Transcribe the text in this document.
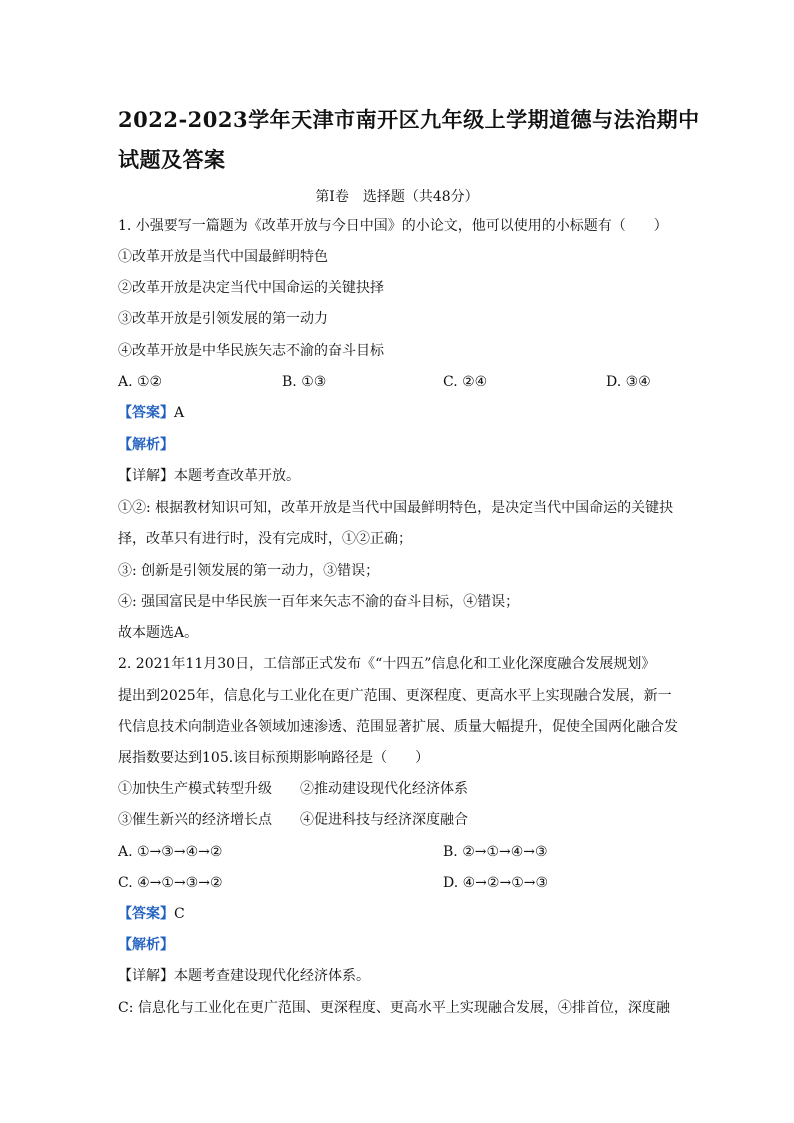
2022-2023学年天津市南开区九年级上学期道德与法治期中
试题及答案
第Ⅰ卷　选择题（共48分）
1. 小强要写一篇题为《改革开放与今日中国》的小论文，他可以使用的小标题有（　　）
①改革开放是当代中国最鲜明特色
②改革开放是决定当代中国命运的关键抉择
③改革开放是引领发展的第一动力
④改革开放是中华民族矢志不渝的奋斗目标
A. ①②	B. ①③	C. ②④	D. ③④
【答案】A
【解析】
【详解】本题考查改革开放。
①②: 根据教材知识可知，改革开放是当代中国最鲜明特色，是决定当代中国命运的关键抉
择，改革只有进行时，没有完成时，①②正确；
③: 创新是引领发展的第一动力，③错误；
④: 强国富民是中华民族一百年来矢志不渝的奋斗目标，④错误；
故本题选A。
2. 2021年11月30日，工信部正式发布《“十四五”信息化和工业化深度融合发展规划》
提出到2025年，信息化与工业化在更广范围、更深程度、更高水平上实现融合发展，新一
代信息技术向制造业各领域加速渗透、范围显著扩展、质量大幅提升，促使全国两化融合发
展指数要达到105.该目标预期影响路径是（　　）
①加快生产模式转型升级　　②推动建设现代化经济体系
③催生新兴的经济增长点　　④促进科技与经济深度融合
A. ①→③→④→②	B. ②→①→④→③
C. ④→①→③→②	D. ④→②→①→③
【答案】C
【解析】
【详解】本题考查建设现代化经济体系。
C: 信息化与工业化在更广范围、更深程度、更高水平上实现融合发展，④排首位，深度融
